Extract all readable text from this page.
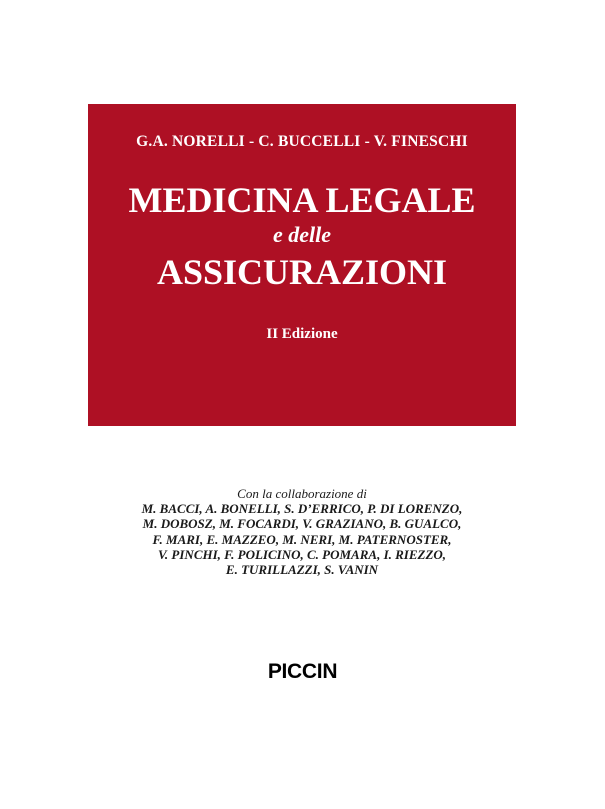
G.A. NORELLI - C. BUCCELLI - V. FINESCHI
MEDICINA LEGALE
e delle
ASSICURAZIONI
II Edizione
Con la collaborazione di
M. BACCI, A. BONELLI, S. D’ERRICO, P. DI LORENZO,
M. DOBOSZ, M. FOCARDI, V. GRAZIANO, B. GUALCO,
F. MARI, E. MAZZEO, M. NERI, M. PATERNOSTER,
V. PINCHI, F. POLICINO, C. POMARA, I. RIEZZO,
E. TURILLAZZI, S. VANIN
PICCIN
